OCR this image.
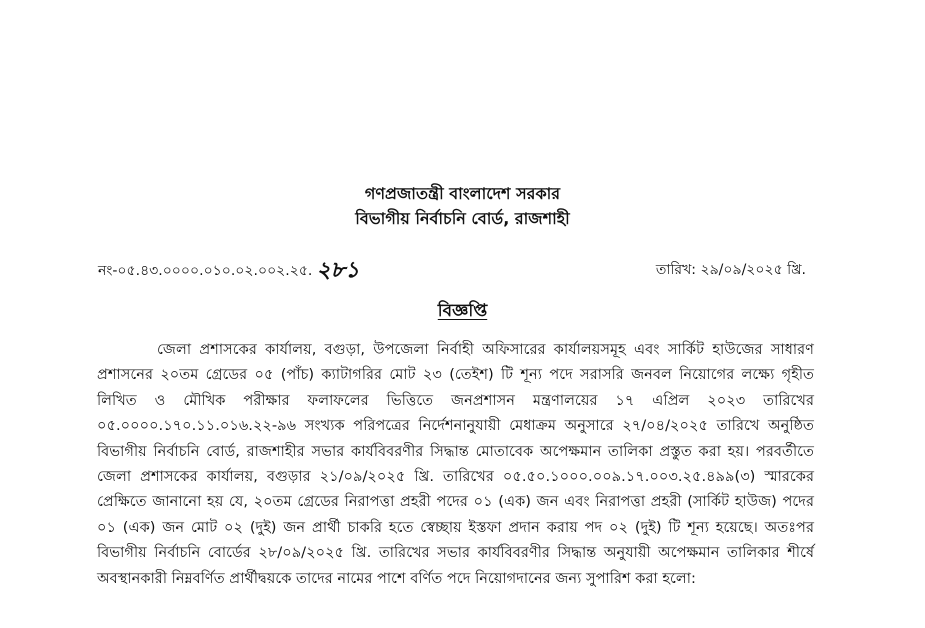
গণপ্রজাতন্ত্রী বাংলাদেশ সরকার
বিভাগীয় নির্বাচনি বোর্ড, রাজশাহী
নং-০৫.৪৩.০০০০.০১০.০২.০০২.২৫. ২৮১	তারিখ: ২৯/০৯/২০২৫ খ্রি.
বিজ্ঞপ্তি

জেলা প্রশাসকের কার্যালয়, বগুড়া, উপজেলা নির্বাহী অফিসারের কার্যালয়সমূহ এবং সার্কিট হাউজের সাধারণ প্রশাসনের ২০তম গ্রেডের ০৫ (পাঁচ) ক্যাটাগরির মোট ২৩ (তেইশ) টি শূন্য পদে সরাসরি জনবল নিয়োগের লক্ষ্যে গৃহীত লিখিত ও মৌখিক পরীক্ষার ফলাফলের ভিত্তিতে জনপ্রশাসন মন্ত্রণালয়ের ১৭ এপ্রিল ২০২৩ তারিখের ০৫.০০০০.১৭০.১১.০১৬.২২-৯৬ সংখ্যক পরিপত্রের নির্দেশনানুযায়ী মেধাক্রম অনুসারে ২৭/০৪/২০২৫ তারিখে অনুষ্ঠিত বিভাগীয় নির্বাচনি বোর্ড, রাজশাহীর সভার কার্যবিবরণীর সিদ্ধান্ত মোতাবেক অপেক্ষমান তালিকা প্রস্তুত করা হয়। পরবর্তীতে জেলা প্রশাসকের কার্যালয়, বগুড়ার ২১/০৯/২০২৫ খ্রি. তারিখের ০৫.৫০.১০০০.০০৯.১৭.০০৩.২৫.৪৯৯(৩) স্মারকের প্রেক্ষিতে জানানো হয় যে, ২০তম গ্রেডের নিরাপত্তা প্রহরী পদের ০১ (এক) জন এবং নিরাপত্তা প্রহরী (সার্কিট হাউজ) পদের ০১ (এক) জন মোট ০২ (দুই) জন প্রার্থী চাকরি হতে স্বেচ্ছায় ইস্তফা প্রদান করায় পদ ০২ (দুই) টি শূন্য হয়েছে। অতঃপর বিভাগীয় নির্বাচনি বোর্ডের ২৮/০৯/২০২৫ খ্রি. তারিখের সভার কার্যবিবরণীর সিদ্ধান্ত অনুযায়ী অপেক্ষমান তালিকার শীর্ষে অবস্থানকারী নিম্নবর্ণিত প্রার্থীদ্বয়কে তাদের নামের পাশে বর্ণিত পদে নিয়োগদানের জন্য সুপারিশ করা হলো:
